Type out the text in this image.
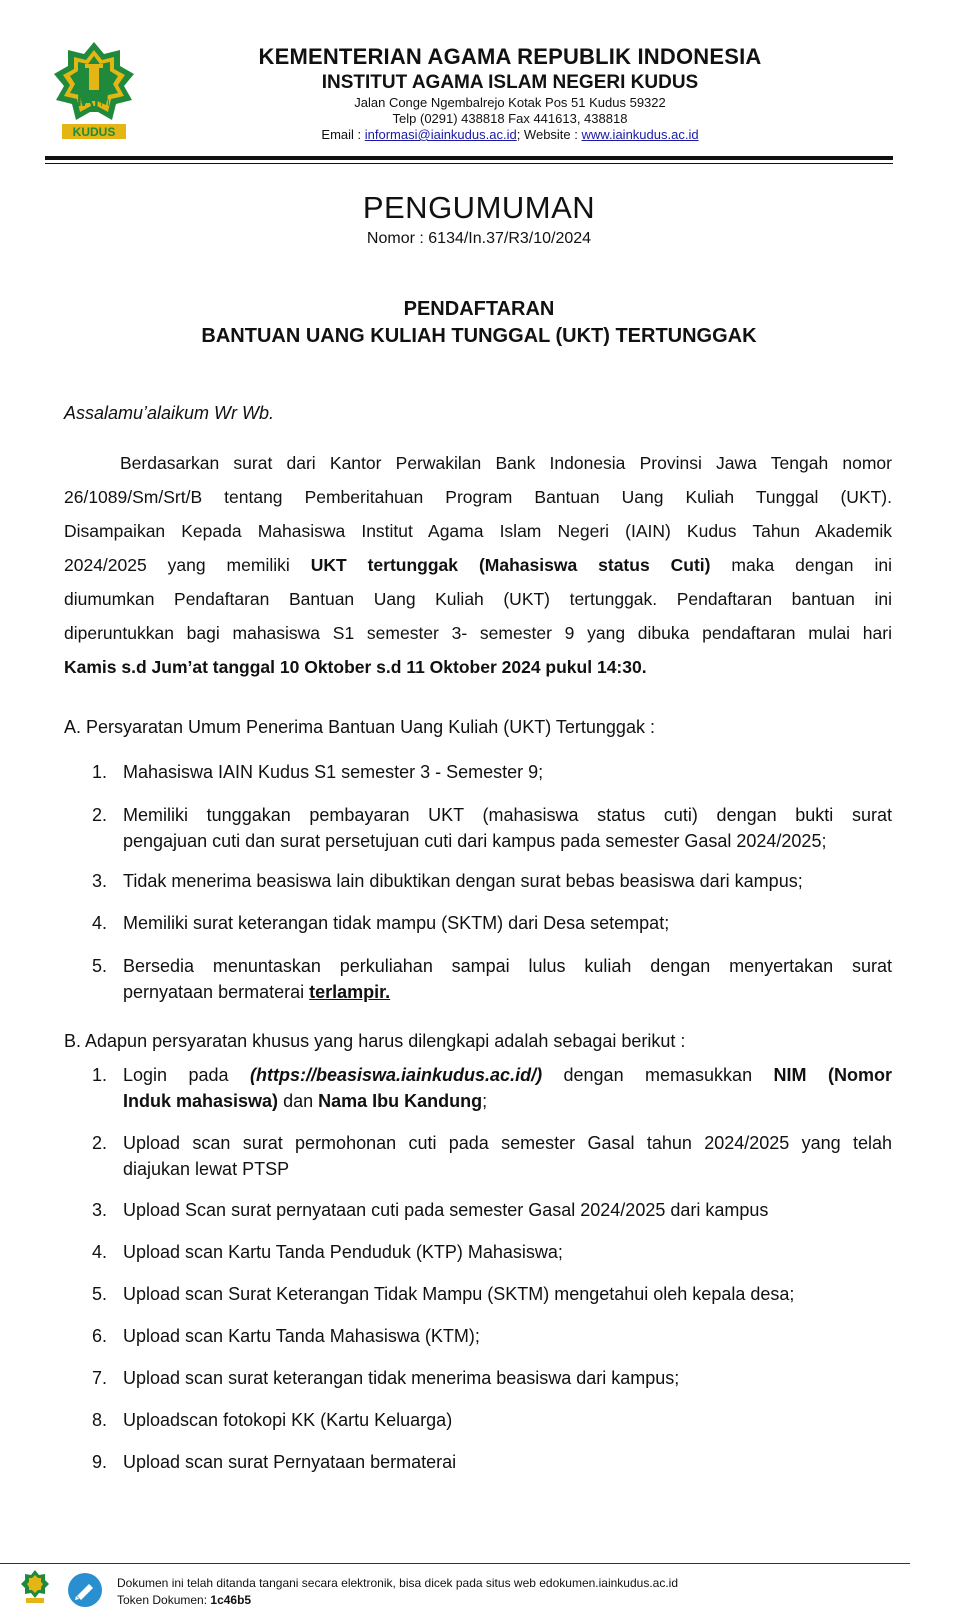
IAI∩
KUDUS
KEMENTERIAN AGAMA REPUBLIK INDONESIA
INSTITUT AGAMA ISLAM NEGERI KUDUS
Jalan Conge Ngembalrejo Kotak Pos 51 Kudus 59322
Telp (0291) 438818 Fax 441613, 438818
Email : informasi@iainkudus.ac.id; Website : www.iainkudus.ac.id
PENGUMUMAN
Nomor : 6134/In.37/R3/10/2024
PENDAFTARAN
BANTUAN UANG KULIAH TUNGGAL (UKT) TERTUNGGAK
Assalamu’alaikum Wr Wb.
Berdasarkan surat dari Kantor Perwakilan Bank Indonesia Provinsi Jawa Tengah nomor
26/1089/Sm/Srt/B tentang Pemberitahuan Program Bantuan Uang Kuliah Tunggal (UKT).
Disampaikan Kepada Mahasiswa Institut Agama Islam Negeri (IAIN) Kudus Tahun Akademik
2024/2025 yang memiliki UKT tertunggak (Mahasiswa status Cuti) maka dengan ini
diumumkan Pendaftaran Bantuan Uang Kuliah (UKT) tertunggak. Pendaftaran bantuan ini
diperuntukkan bagi mahasiswa S1 semester 3- semester 9 yang dibuka pendaftaran mulai hari
Kamis s.d Jum’at tanggal 10 Oktober s.d 11 Oktober 2024 pukul 14:30.
A. Persyaratan Umum Penerima Bantuan Uang Kuliah (UKT) Tertunggak :
1. Mahasiswa IAIN Kudus S1 semester 3 - Semester 9;
2. Memiliki tunggakan pembayaran UKT (mahasiswa status cuti) dengan bukti surat
pengajuan cuti dan surat persetujuan cuti dari kampus pada semester Gasal 2024/2025;
3. Tidak menerima beasiswa lain dibuktikan dengan surat bebas beasiswa dari kampus;
4. Memiliki surat keterangan tidak mampu (SKTM) dari Desa setempat;
5. Bersedia menuntaskan perkuliahan sampai lulus kuliah dengan menyertakan surat
pernyataan bermaterai terlampir.
B. Adapun persyaratan khusus yang harus dilengkapi adalah sebagai berikut :
1. Login pada (https://beasiswa.iainkudus.ac.id/) dengan memasukkan NIM (Nomor
Induk mahasiswa) dan Nama Ibu Kandung;
2. Upload scan surat permohonan cuti pada semester Gasal tahun 2024/2025 yang telah
diajukan lewat PTSP
3. Upload Scan surat pernyataan cuti pada semester Gasal 2024/2025 dari kampus
4. Upload scan Kartu Tanda Penduduk (KTP) Mahasiswa;
5. Upload scan Surat Keterangan Tidak Mampu (SKTM) mengetahui oleh kepala desa;
6. Upload scan Kartu Tanda Mahasiswa (KTM);
7. Upload scan surat keterangan tidak menerima beasiswa dari kampus;
8. Uploadscan fotokopi KK (Kartu Keluarga)
9. Upload scan surat Pernyataan bermaterai
Dokumen ini telah ditanda tangani secara elektronik, bisa dicek pada situs web edokumen.iainkudus.ac.id
Token Dokumen: 1c46b5
